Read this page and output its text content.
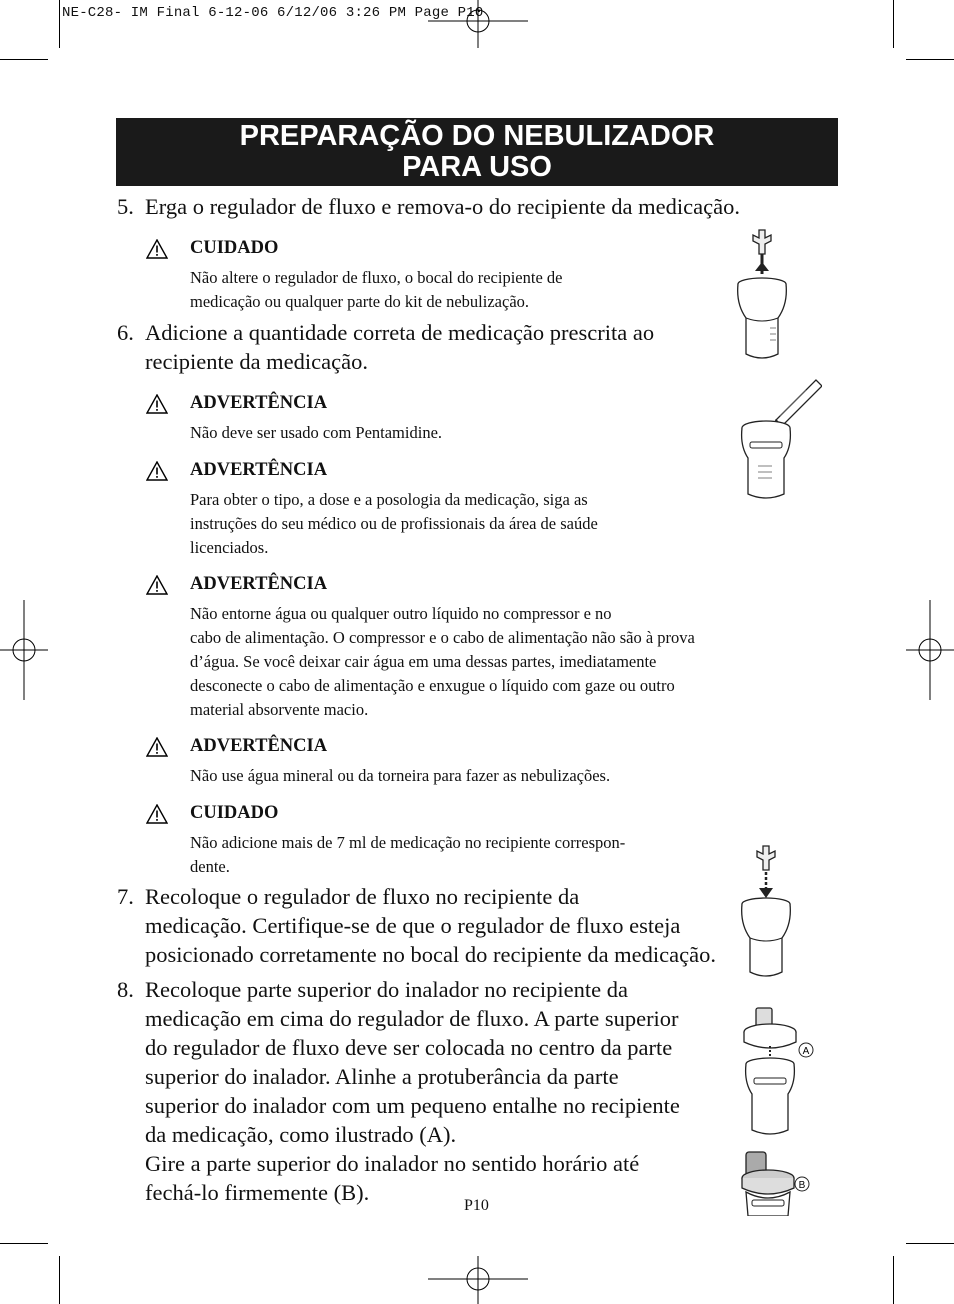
NE-C28- IM Final 6-12-06 6/12/06 3:26 PM Page P10
PREPARAÇÃO DO NEBULIZADOR
PARA USO
5. Erga o regulador de fluxo e remova-o do recipiente da medicação.
CUIDADO
Não altere o regulador de fluxo, o bocal do recipiente de
medicação ou qualquer parte do kit de nebulização.
6. Adicione a quantidade correta de medicação prescrita ao
recipiente da medicação.
ADVERTÊNCIA
Não deve ser usado com Pentamidine.
ADVERTÊNCIA
Para obter o tipo, a dose e a posologia da medicação, siga as
instruções do seu médico ou de profissionais da área de saúde
licenciados.
ADVERTÊNCIA
Não entorne água ou qualquer outro líquido no compressor e no
cabo de alimentação. O compressor e o cabo de alimentação não são à prova
d’água. Se você deixar cair água em uma dessas partes, imediatamente
desconecte o cabo de alimentação e enxugue o líquido com gaze ou outro
material absorvente macio.
ADVERTÊNCIA
Não use água mineral ou da torneira para fazer as nebulizações.
CUIDADO
Não adicione mais de 7 ml de medicação no recipiente correspon-
dente.
7. Recoloque o regulador de fluxo no recipiente da
medicação. Certifique-se de que o regulador de fluxo esteja
posicionado corretamente no bocal do recipiente da medicação.
8. Recoloque parte superior do inalador no recipiente da
medicação em cima do regulador de fluxo. A parte superior
do regulador de fluxo deve ser colocada no centro da parte
superior do inalador. Alinhe a protuberância da parte
superior do inalador com um pequeno entalhe no recipiente
da medicação, como ilustrado (A).
Gire a parte superior do inalador no sentido horário até
fechá-lo firmemente (B).
A
B
P10
